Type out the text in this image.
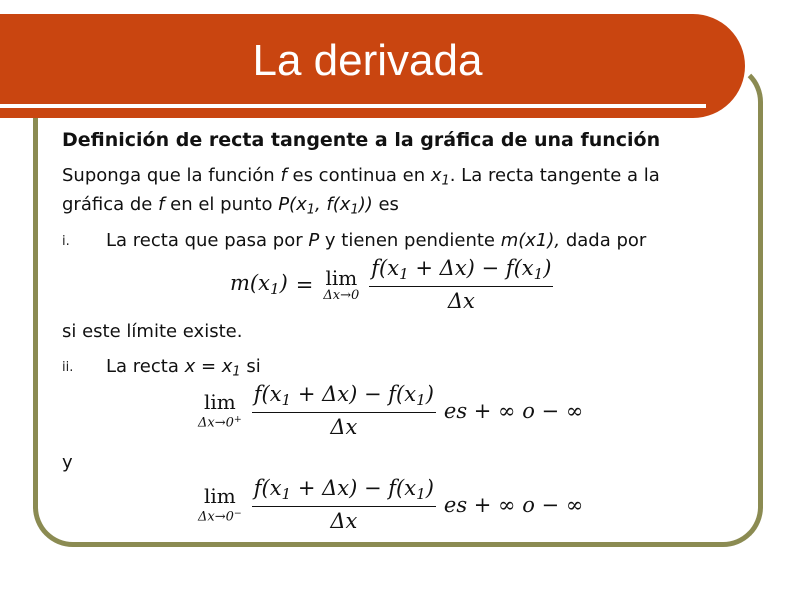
La derivada
Definición de recta tangente a la gráfica de una función
Suponga que la función f es continua en $x_1$. La recta tangente a la
gráfica de f en el punto $P(x_1$, $f(x_1)$) es
i. La recta que pasa por P y tienen pendiente m(x1), dada por
$m(x_1) = \lim$
$\Delta x\to 0 \frac{f(x_1 + \Delta x) - f(x_1)}{\Delta x}$
si este límite existe.
ii. La recta $x = x_1$ si
lim
$\Delta x\to 0^+ \frac{f(x_1 + \Delta x) - f(x_1)}{\Delta x}$ es + ∞ o − ∞
y
lim
$\Delta x\to 0^- \frac{f(x_1 + \Delta x) - f(x_1)}{\Delta x}$ es + ∞ o − ∞
